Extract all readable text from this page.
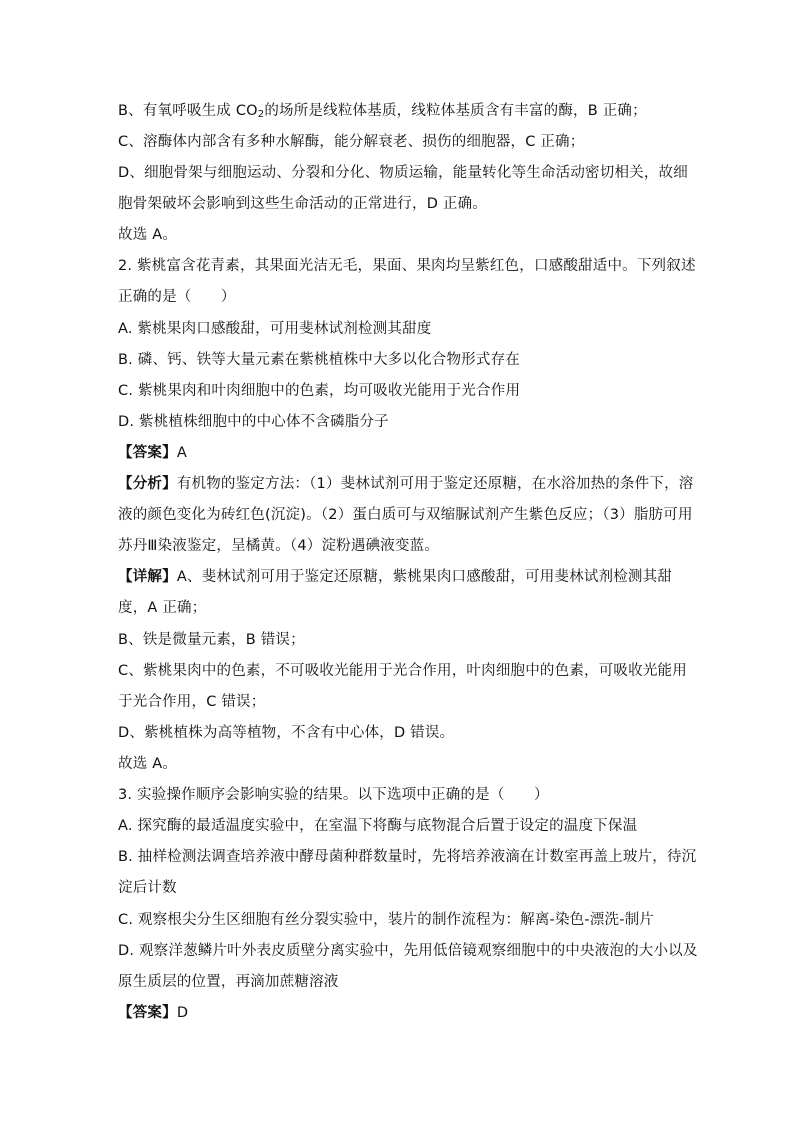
B、有氧呼吸生成 $CO_2$的场所是线粒体基质，线粒体基质含有丰富的酶，B 正确；
C、溶酶体内部含有多种水解酶，能分解衰老、损伤的细胞器，C 正确；
D、细胞骨架与细胞运动、分裂和分化、物质运输，能量转化等生命活动密切相关，故细
胞骨架破坏会影响到这些生命活动的正常进行，D 正确。
故选 A。
2. 紫桃富含花青素，其果面光洁无毛，果面、果肉均呈紫红色，口感酸甜适中。下列叙述
正确的是（　　）
A. 紫桃果肉口感酸甜，可用斐林试剂检测其甜度
B. 磷、钙、铁等大量元素在紫桃植株中大多以化合物形式存在
C. 紫桃果肉和叶肉细胞中的色素，均可吸收光能用于光合作用
D. 紫桃植株细胞中的中心体不含磷脂分子
【答案】A
【分析】有机物的鉴定方法：（1）斐林试剂可用于鉴定还原糖，在水浴加热的条件下，溶
液的颜色变化为砖红色(沉淀)。（2）蛋白质可与双缩脲试剂产生紫色反应；（3）脂肪可用
苏丹Ⅲ染液鉴定，呈橘黄。（4）淀粉遇碘液变蓝。
【详解】A、斐林试剂可用于鉴定还原糖，紫桃果肉口感酸甜，可用斐林试剂检测其甜
度，A 正确；
B、铁是微量元素，B 错误；
C、紫桃果肉中的色素，不可吸收光能用于光合作用，叶肉细胞中的色素，可吸收光能用
于光合作用，C 错误；
D、紫桃植株为高等植物，不含有中心体，D 错误。
故选 A。
3. 实验操作顺序会影响实验的结果。以下选项中正确的是（　　）
A. 探究酶的最适温度实验中，在室温下将酶与底物混合后置于设定的温度下保温
B. 抽样检测法调查培养液中酵母菌种群数量时，先将培养液滴在计数室再盖上玻片，待沉
淀后计数
C. 观察根尖分生区细胞有丝分裂实验中，装片的制作流程为：解离-染色-漂洗-制片
D. 观察洋葱鳞片叶外表皮质壁分离实验中，先用低倍镜观察细胞中的中央液泡的大小以及
原生质层的位置，再滴加蔗糖溶液
【答案】D
